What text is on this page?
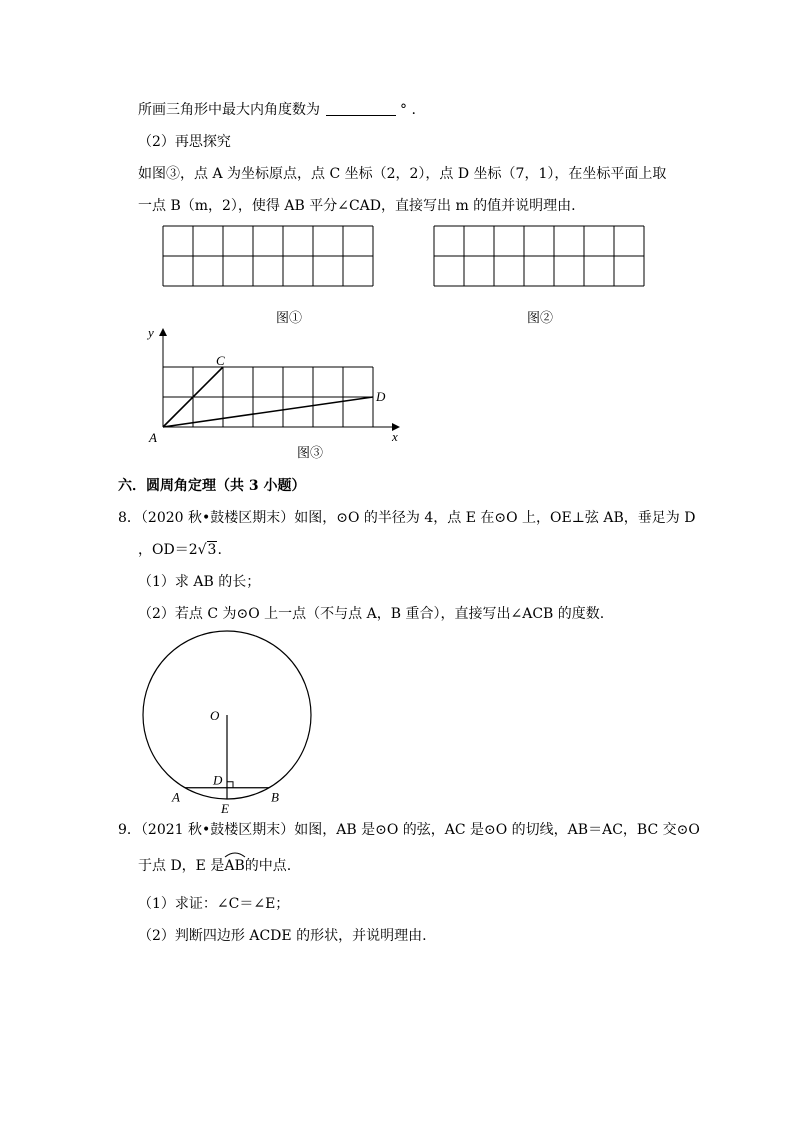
所画三角形中最大内角度数为	° .
（2）再思探究
如图③，点 A 为坐标原点，点 C 坐标（2，2），点 D 坐标（7，1），在坐标平面上取
一点 B（m，2），使得 AB 平分∠CAD，直接写出 m 的值并说明理由.
图①	图②
y
x
A
C
D
图③
六．圆周角定理（共 3 小题）
8．（2020 秋•鼓楼区期末）如图，⊙O 的半径为 4，点 E 在⊙O 上，OE⊥弦 AB，垂足为 D
，OD＝2√3.
（1）求 AB 的长；
（2）若点 C 为⊙O 上一点（不与点 A，B 重合），直接写出∠ACB 的度数.
O
D
A	B
E
9．（2021 秋•鼓楼区期末）如图，AB 是⊙O 的弦，AC 是⊙O 的切线，AB＝AC，BC 交⊙O
于点 D，E 是
AB的中点.
（1）求证：∠C＝∠E；
（2）判断四边形 ACDE 的形状，并说明理由.
